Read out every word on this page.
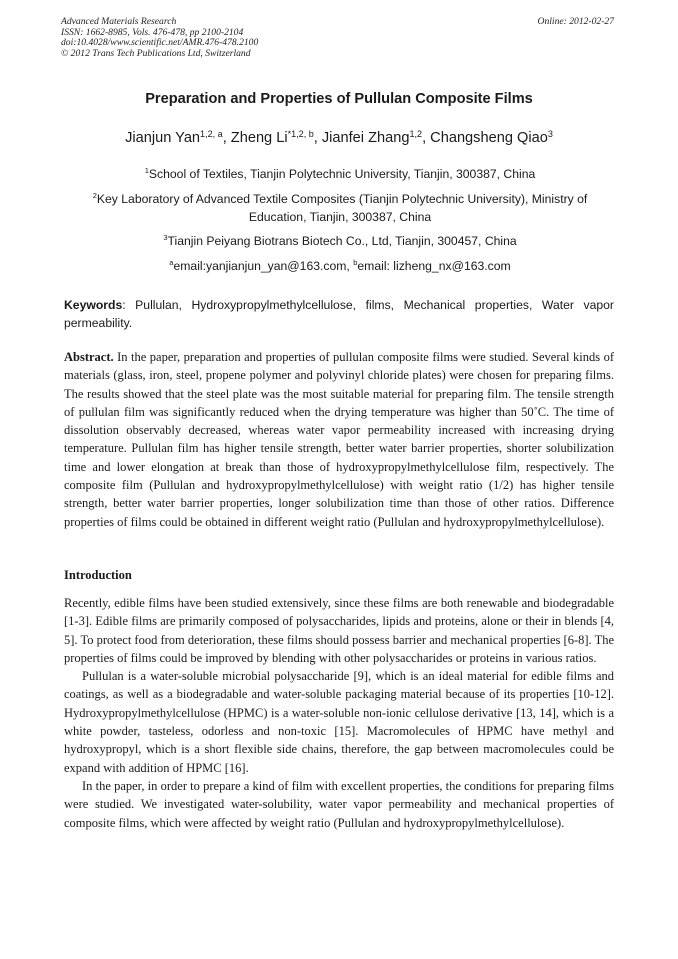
Advanced Materials Research
ISSN: 1662-8985, Vols. 476-478, pp 2100-2104
doi:10.4028/www.scientific.net/AMR.476-478.2100
© 2012 Trans Tech Publications Ltd, Switzerland
Online: 2012-02-27
Preparation and Properties of Pullulan Composite Films
Jianjun Yan$^{1,2, a}$, Zheng Li$^{*1,2, b}$, Jianfei Zhang$^{1,2}$, Changsheng Qiao$^3$
$^1$School of Textiles, Tianjin Polytechnic University, Tianjin, 300387, China
$^2$Key Laboratory of Advanced Textile Composites (Tianjin Polytechnic University), Ministry of Education, Tianjin, 300387, China
$^3$Tianjin Peiyang Biotrans Biotech Co., Ltd, Tianjin, 300457, China
$^a$email:yanjianjun_yan@163.com, $^b$email: lizheng_nx@163.com
Keywords: Pullulan, Hydroxypropylmethylcellulose, films, Mechanical properties, Water vapor permeability.
Abstract. In the paper, preparation and properties of pullulan composite films were studied. Several kinds of materials (glass, iron, steel, propene polymer and polyvinyl chloride plates) were chosen for preparing films. The results showed that the steel plate was the most suitable material for preparing film. The tensile strength of pullulan film was significantly reduced when the drying temperature was higher than 50˚C. The time of dissolution observably decreased, whereas water vapor permeability increased with increasing drying temperature. Pullulan film has higher tensile strength, better water barrier properties, shorter solubilization time and lower elongation at break than those of hydroxypropylmethylcellulose film, respectively. The composite film (Pullulan and hydroxypropylmethylcellulose) with weight ratio (1/2) has higher tensile strength, better water barrier properties, longer solubilization time than those of other ratios. Difference properties of films could be obtained in different weight ratio (Pullulan and hydroxypropylmethylcellulose).
Introduction

Recently, edible films have been studied extensively, since these films are both renewable and biodegradable [1-3]. Edible films are primarily composed of polysaccharides, lipids and proteins, alone or their in blends [4, 5]. To protect food from deterioration, these films should possess barrier and mechanical properties [6-8]. The properties of films could be improved by blending with other polysaccharides or proteins in various ratios.

Pullulan is a water-soluble microbial polysaccharide [9], which is an ideal material for edible films and coatings, as well as a biodegradable and water-soluble packaging material because of its properties [10-12]. Hydroxypropylmethylcellulose (HPMC) is a water-soluble non-ionic cellulose derivative [13, 14], which is a white powder, tasteless, odorless and non-toxic [15]. Macromolecules of HPMC have methyl and hydroxypropyl, which is a short flexible side chains, therefore, the gap between macromolecules could be expand with addition of HPMC [16].

In the paper, in order to prepare a kind of film with excellent properties, the conditions for preparing films were studied. We investigated water-solubility, water vapor permeability and mechanical properties of composite films, which were affected by weight ratio (Pullulan and hydroxypropylmethylcellulose).
